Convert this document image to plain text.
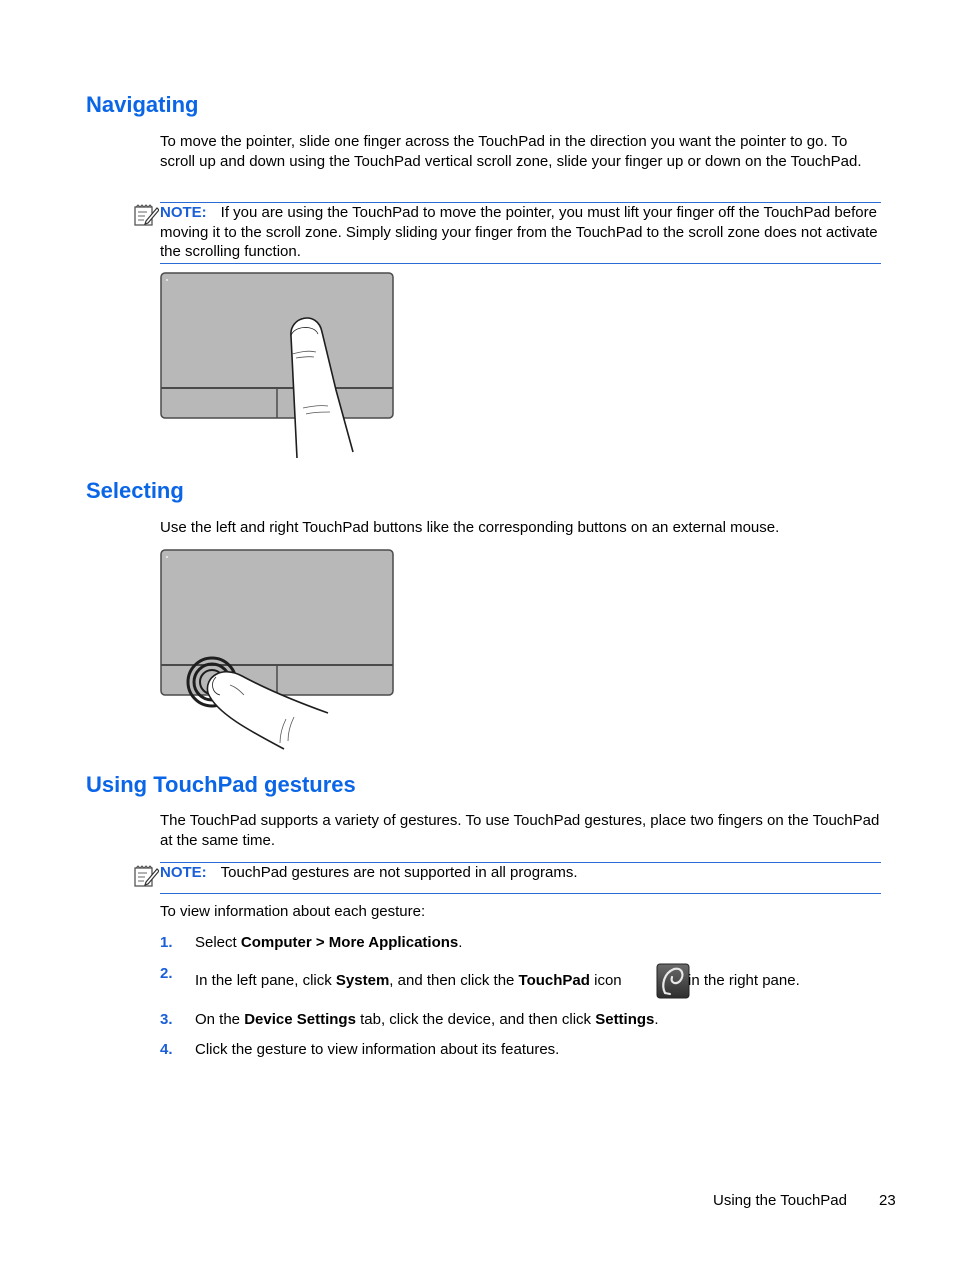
Navigating
To move the pointer, slide one finger across the TouchPad in the direction you want the pointer to go. To scroll up and down using the TouchPad vertical scroll zone, slide your finger up or down on the TouchPad.
NOTE: If you are using the TouchPad to move the pointer, you must lift your finger off the TouchPad before moving it to the scroll zone. Simply sliding your finger from the TouchPad to the scroll zone does not activate the scrolling function.
Selecting
Use the left and right TouchPad buttons like the corresponding buttons on an external mouse.
Using TouchPad gestures
The TouchPad supports a variety of gestures. To use TouchPad gestures, place two fingers on the TouchPad at the same time.
NOTE: TouchPad gestures are not supported in all programs.
To view information about each gesture:
1. Select Computer > More Applications.
2. In the left pane, click System, and then click the TouchPad icon	in the right pane.
3. On the Device Settings tab, click the device, and then click Settings.
4. Click the gesture to view information about its features.
Using the TouchPad 23
